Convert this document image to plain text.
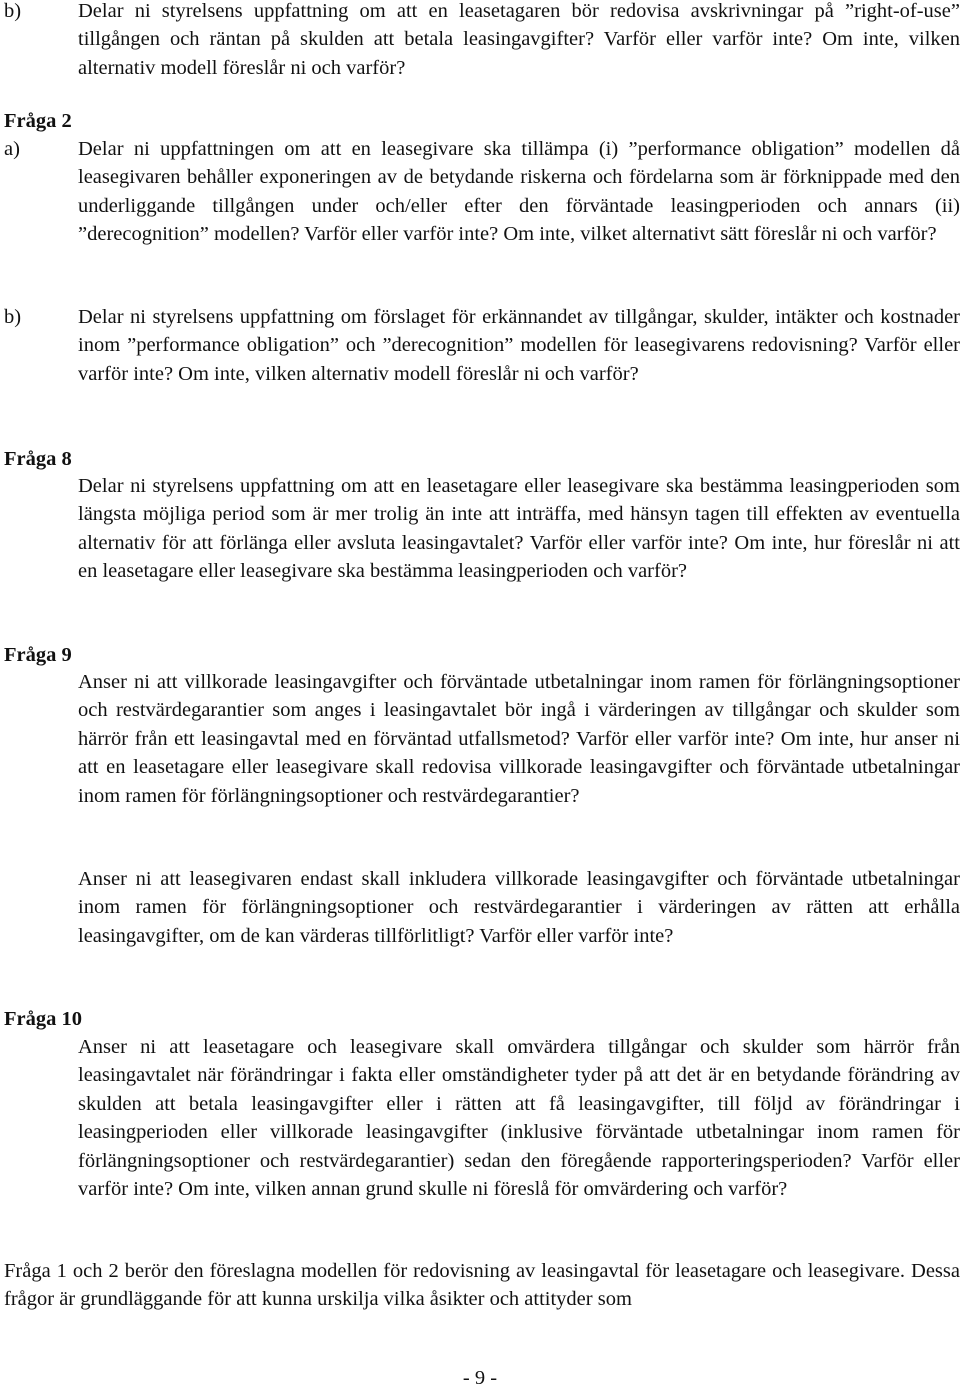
b)	Delar ni styrelsens uppfattning om att en leasetagaren bör redovisa avskrivningar på ”right-of-use” tillgången och räntan på skulden att betala leasingavgifter? Varför eller varför inte? Om inte, vilken alternativ modell föreslår ni och varför?

Fråga 2
a)	Delar ni uppfattningen om att en leasegivare ska tillämpa (i) ”performance obligation” modellen då leasegivaren behåller exponeringen av de betydande riskerna och fördelarna som är förknippade med den underliggande tillgången under och/eller efter den förväntade leasingperioden och annars (ii) ”derecognition” modellen? Varför eller varför inte? Om inte, vilket alternativt sätt föreslår ni och varför?

b)	Delar ni styrelsens uppfattning om förslaget för erkännandet av tillgångar, skulder, intäkter och kostnader inom ”performance obligation” och ”derecognition” modellen för leasegivarens redovisning? Varför eller varför inte? Om inte, vilken alternativ modell föreslår ni och varför?

Fråga 8

Delar ni styrelsens uppfattning om att en leasetagare eller leasegivare ska bestämma leasingperioden som längsta möjliga period som är mer trolig än inte att inträffa, med hänsyn tagen till effekten av eventuella alternativ för att förlänga eller avsluta leasingavtalet? Varför eller varför inte? Om inte, hur föreslår ni att en leasetagare eller leasegivare ska bestämma leasingperioden och varför?

Fråga 9

Anser ni att villkorade leasingavgifter och förväntade utbetalningar inom ramen för förlängningsoptioner och restvärdegarantier som anges i leasingavtalet bör ingå i värderingen av tillgångar och skulder som härrör från ett leasingavtal med en förväntad utfallsmetod? Varför eller varför inte? Om inte, hur anser ni att en leasetagare eller leasegivare skall redovisa villkorade leasingavgifter och förväntade utbetalningar inom ramen för förlängningsoptioner och restvärdegarantier?

Anser ni att leasegivaren endast skall inkludera villkorade leasingavgifter och förväntade utbetalningar inom ramen för förlängningsoptioner och restvärdegarantier i värderingen av rätten att erhålla leasingavgifter, om de kan värderas tillförlitligt? Varför eller varför inte?

Fråga 10

Anser ni att leasetagare och leasegivare skall omvärdera tillgångar och skulder som härrör från leasingavtalet när förändringar i fakta eller omständigheter tyder på att det är en betydande förändring av skulden att betala leasingavgifter eller i rätten att få leasingavgifter, till följd av förändringar i leasingperioden eller villkorade leasingavgifter (inklusive förväntade utbetalningar inom ramen för förlängningsoptioner och restvärdegarantier) sedan den föregående rapporteringsperioden? Varför eller varför inte? Om inte, vilken annan grund skulle ni föreslå för omvärdering och varför?

Fråga 1 och 2 berör den föreslagna modellen för redovisning av leasingavtal för leasetagare och leasegivare. Dessa frågor är grundläggande för att kunna urskilja vilka åsikter och attityder som

- 9 -
